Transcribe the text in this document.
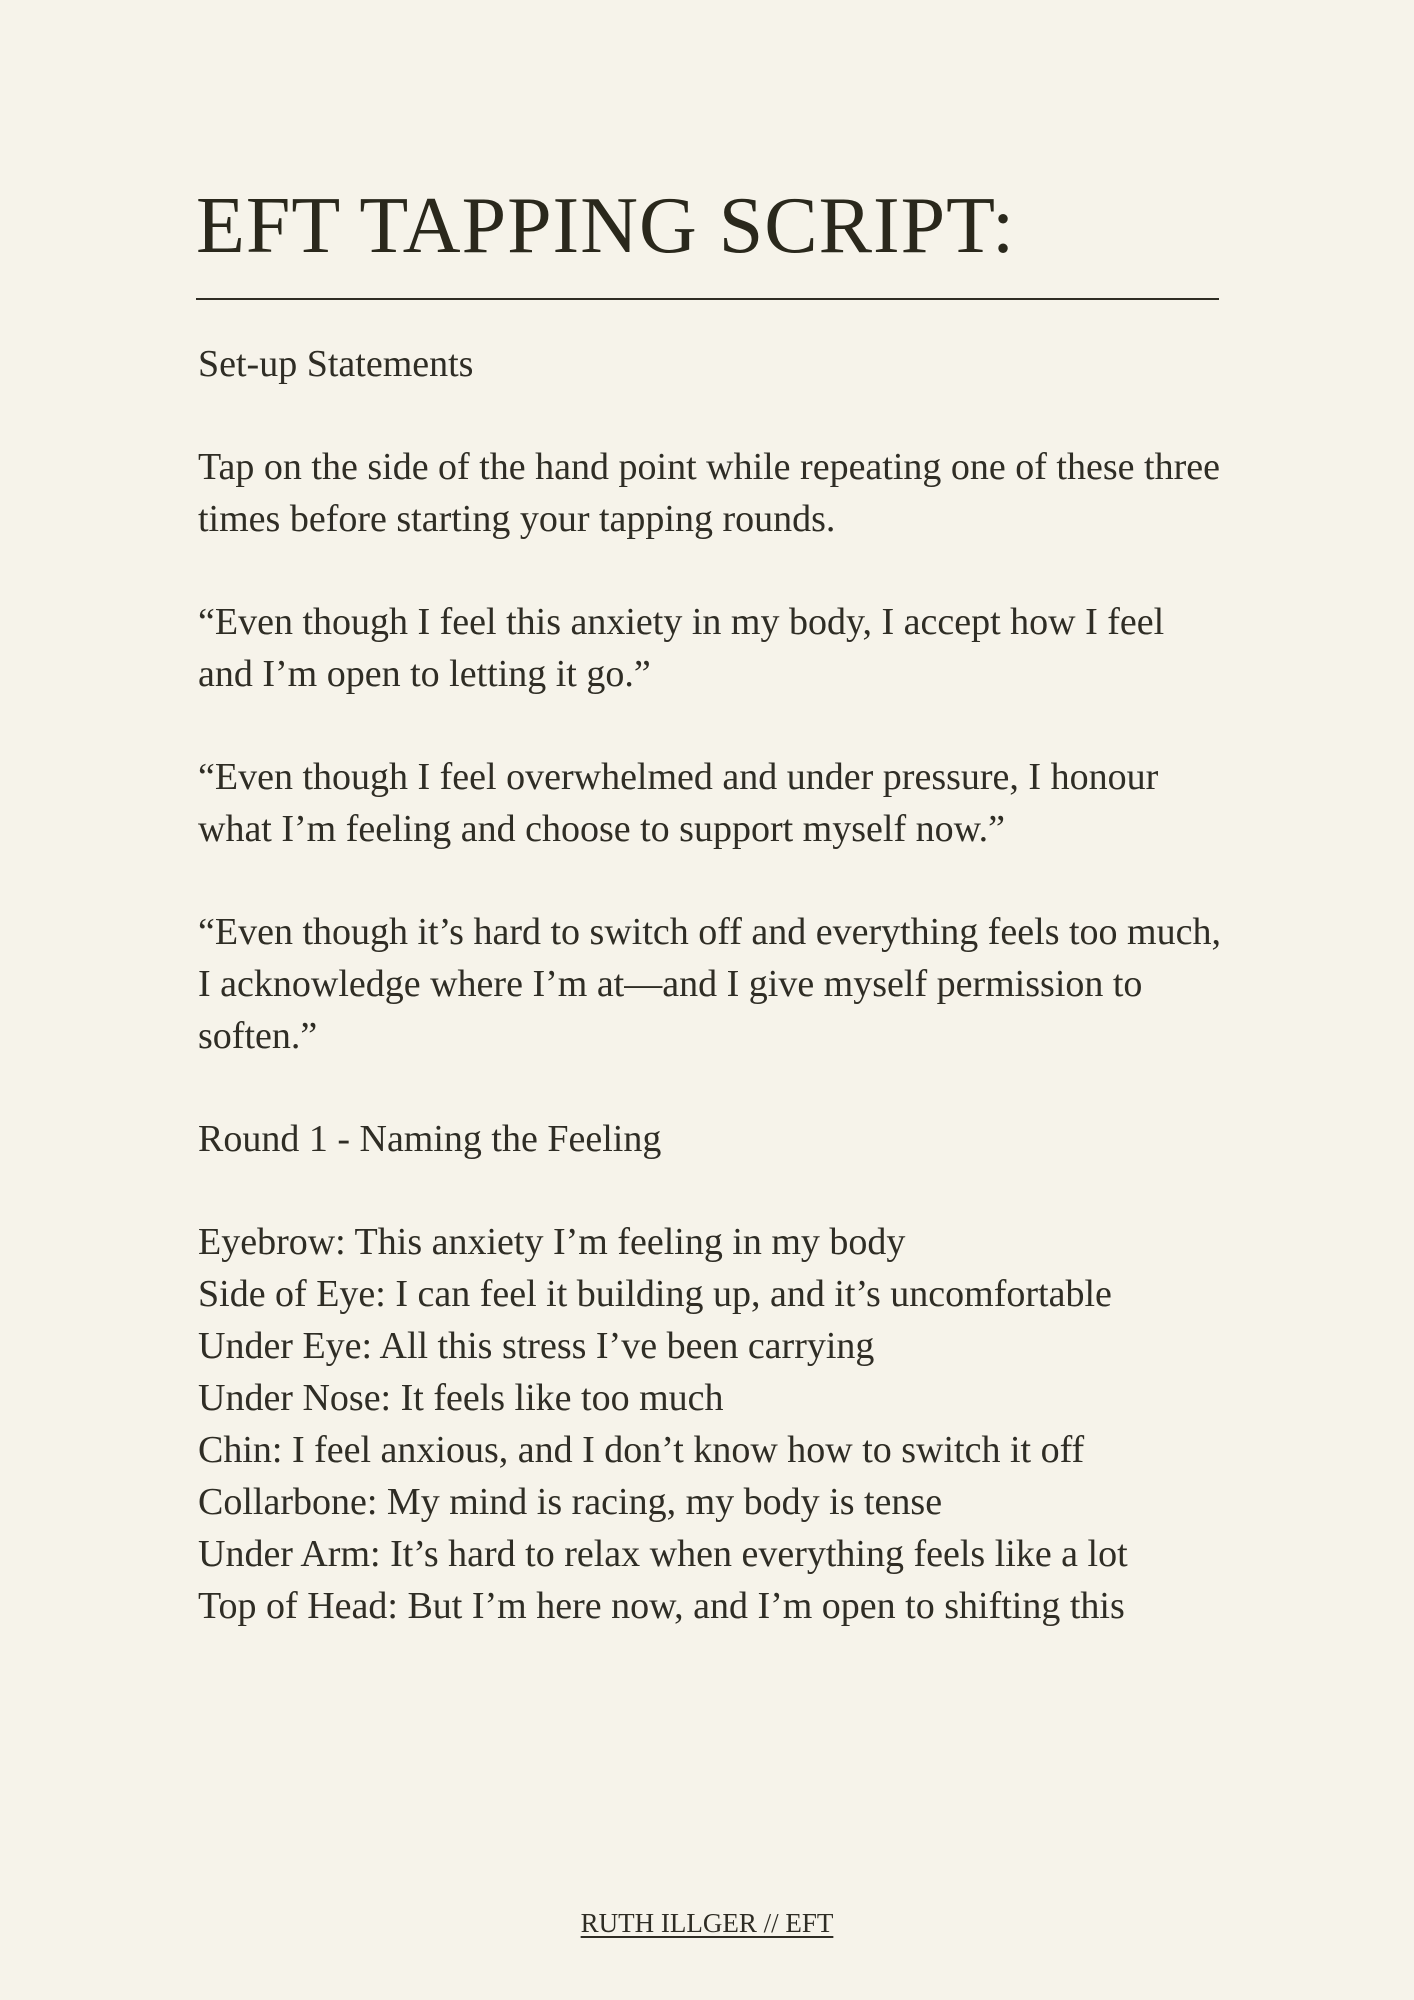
EFT TAPPING SCRIPT:

Set-up Statements

Tap on the side of the hand point while repeating one of these three times before starting your tapping rounds.

“Even though I feel this anxiety in my body, I accept how I feel and I’m open to letting it go.”

“Even though I feel overwhelmed and under pressure, I honour what I’m feeling and choose to support myself now.”

“Even though it’s hard to switch off and everything feels too much, I acknowledge where I’m at—and I give myself permission to soften.”

Round 1 - Naming the Feeling

Eyebrow: This anxiety I’m feeling in my body
Side of Eye: I can feel it building up, and it’s uncomfortable
Under Eye: All this stress I’ve been carrying
Under Nose: It feels like too much
Chin: I feel anxious, and I don’t know how to switch it off
Collarbone: My mind is racing, my body is tense
Under Arm: It’s hard to relax when everything feels like a lot
Top of Head: But I’m here now, and I’m open to shifting this
RUTH ILLGER // EFT
